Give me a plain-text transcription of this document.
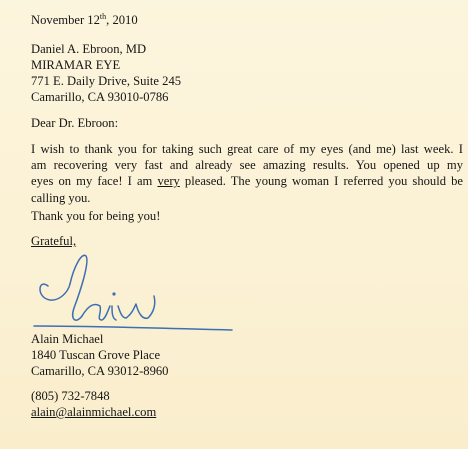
November 12th, 2010
Daniel A. Ebroon, MD
MIRAMAR EYE
771 E. Daily Drive, Suite 245
Camarillo, CA 93010-0786
Dear Dr. Ebroon:
I wish to thank you for taking such great care of my eyes (and me) last week. I
am recovering very fast and already see amazing results. You opened up my
eyes on my face! I am very pleased. The young woman I referred you should be
calling you.
Thank you for being you!
Grateful,
Alain Michael
1840 Tuscan Grove Place
Camarillo, CA 93012-8960
(805) 732-7848
alain@alainmichael.com
